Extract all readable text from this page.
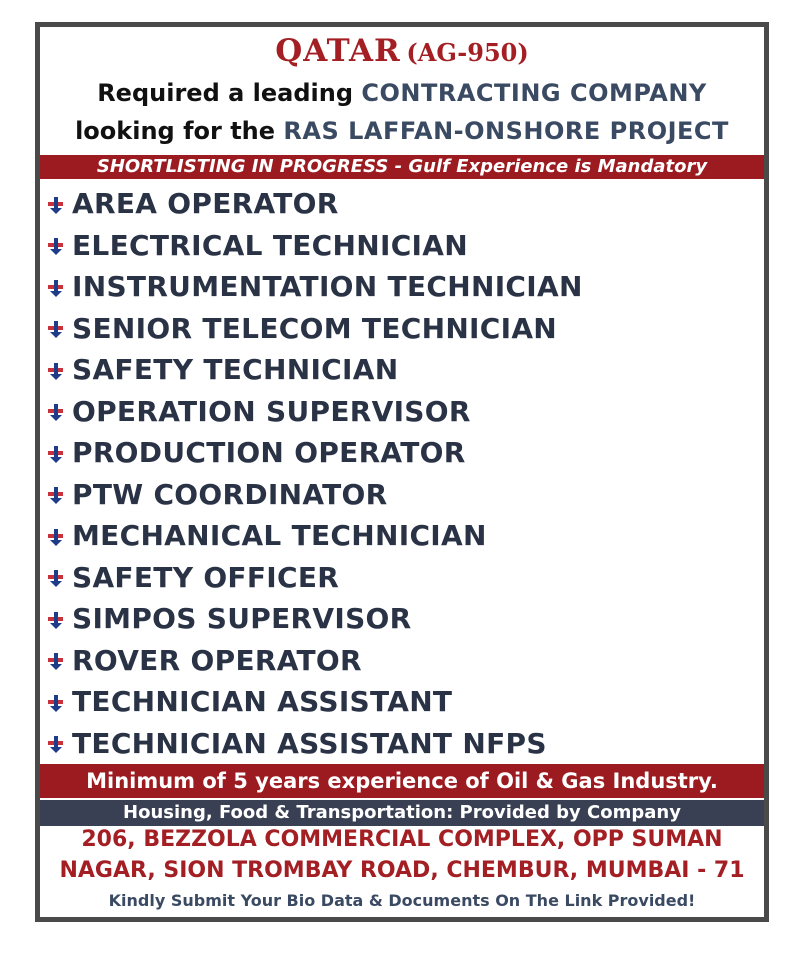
QATAR (AG-950)
Required a leading CONTRACTING COMPANY
looking for the RAS LAFFAN-ONSHORE PROJECT
SHORTLISTING IN PROGRESS - Gulf Experience is Mandatory
AREA OPERATOR
ELECTRICAL TECHNICIAN
INSTRUMENTATION TECHNICIAN
SENIOR TELECOM TECHNICIAN
SAFETY TECHNICIAN
OPERATION SUPERVISOR
PRODUCTION OPERATOR
PTW COORDINATOR
MECHANICAL TECHNICIAN
SAFETY OFFICER
SIMPOS SUPERVISOR
ROVER OPERATOR
TECHNICIAN ASSISTANT
TECHNICIAN ASSISTANT NFPS
Minimum of 5 years experience of Oil & Gas Industry.
Housing, Food & Transportation: Provided by Company
206, BEZZOLA COMMERCIAL COMPLEX, OPP SUMAN
NAGAR, SION TROMBAY ROAD, CHEMBUR, MUMBAI - 71
Kindly Submit Your Bio Data & Documents On The Link Provided!
